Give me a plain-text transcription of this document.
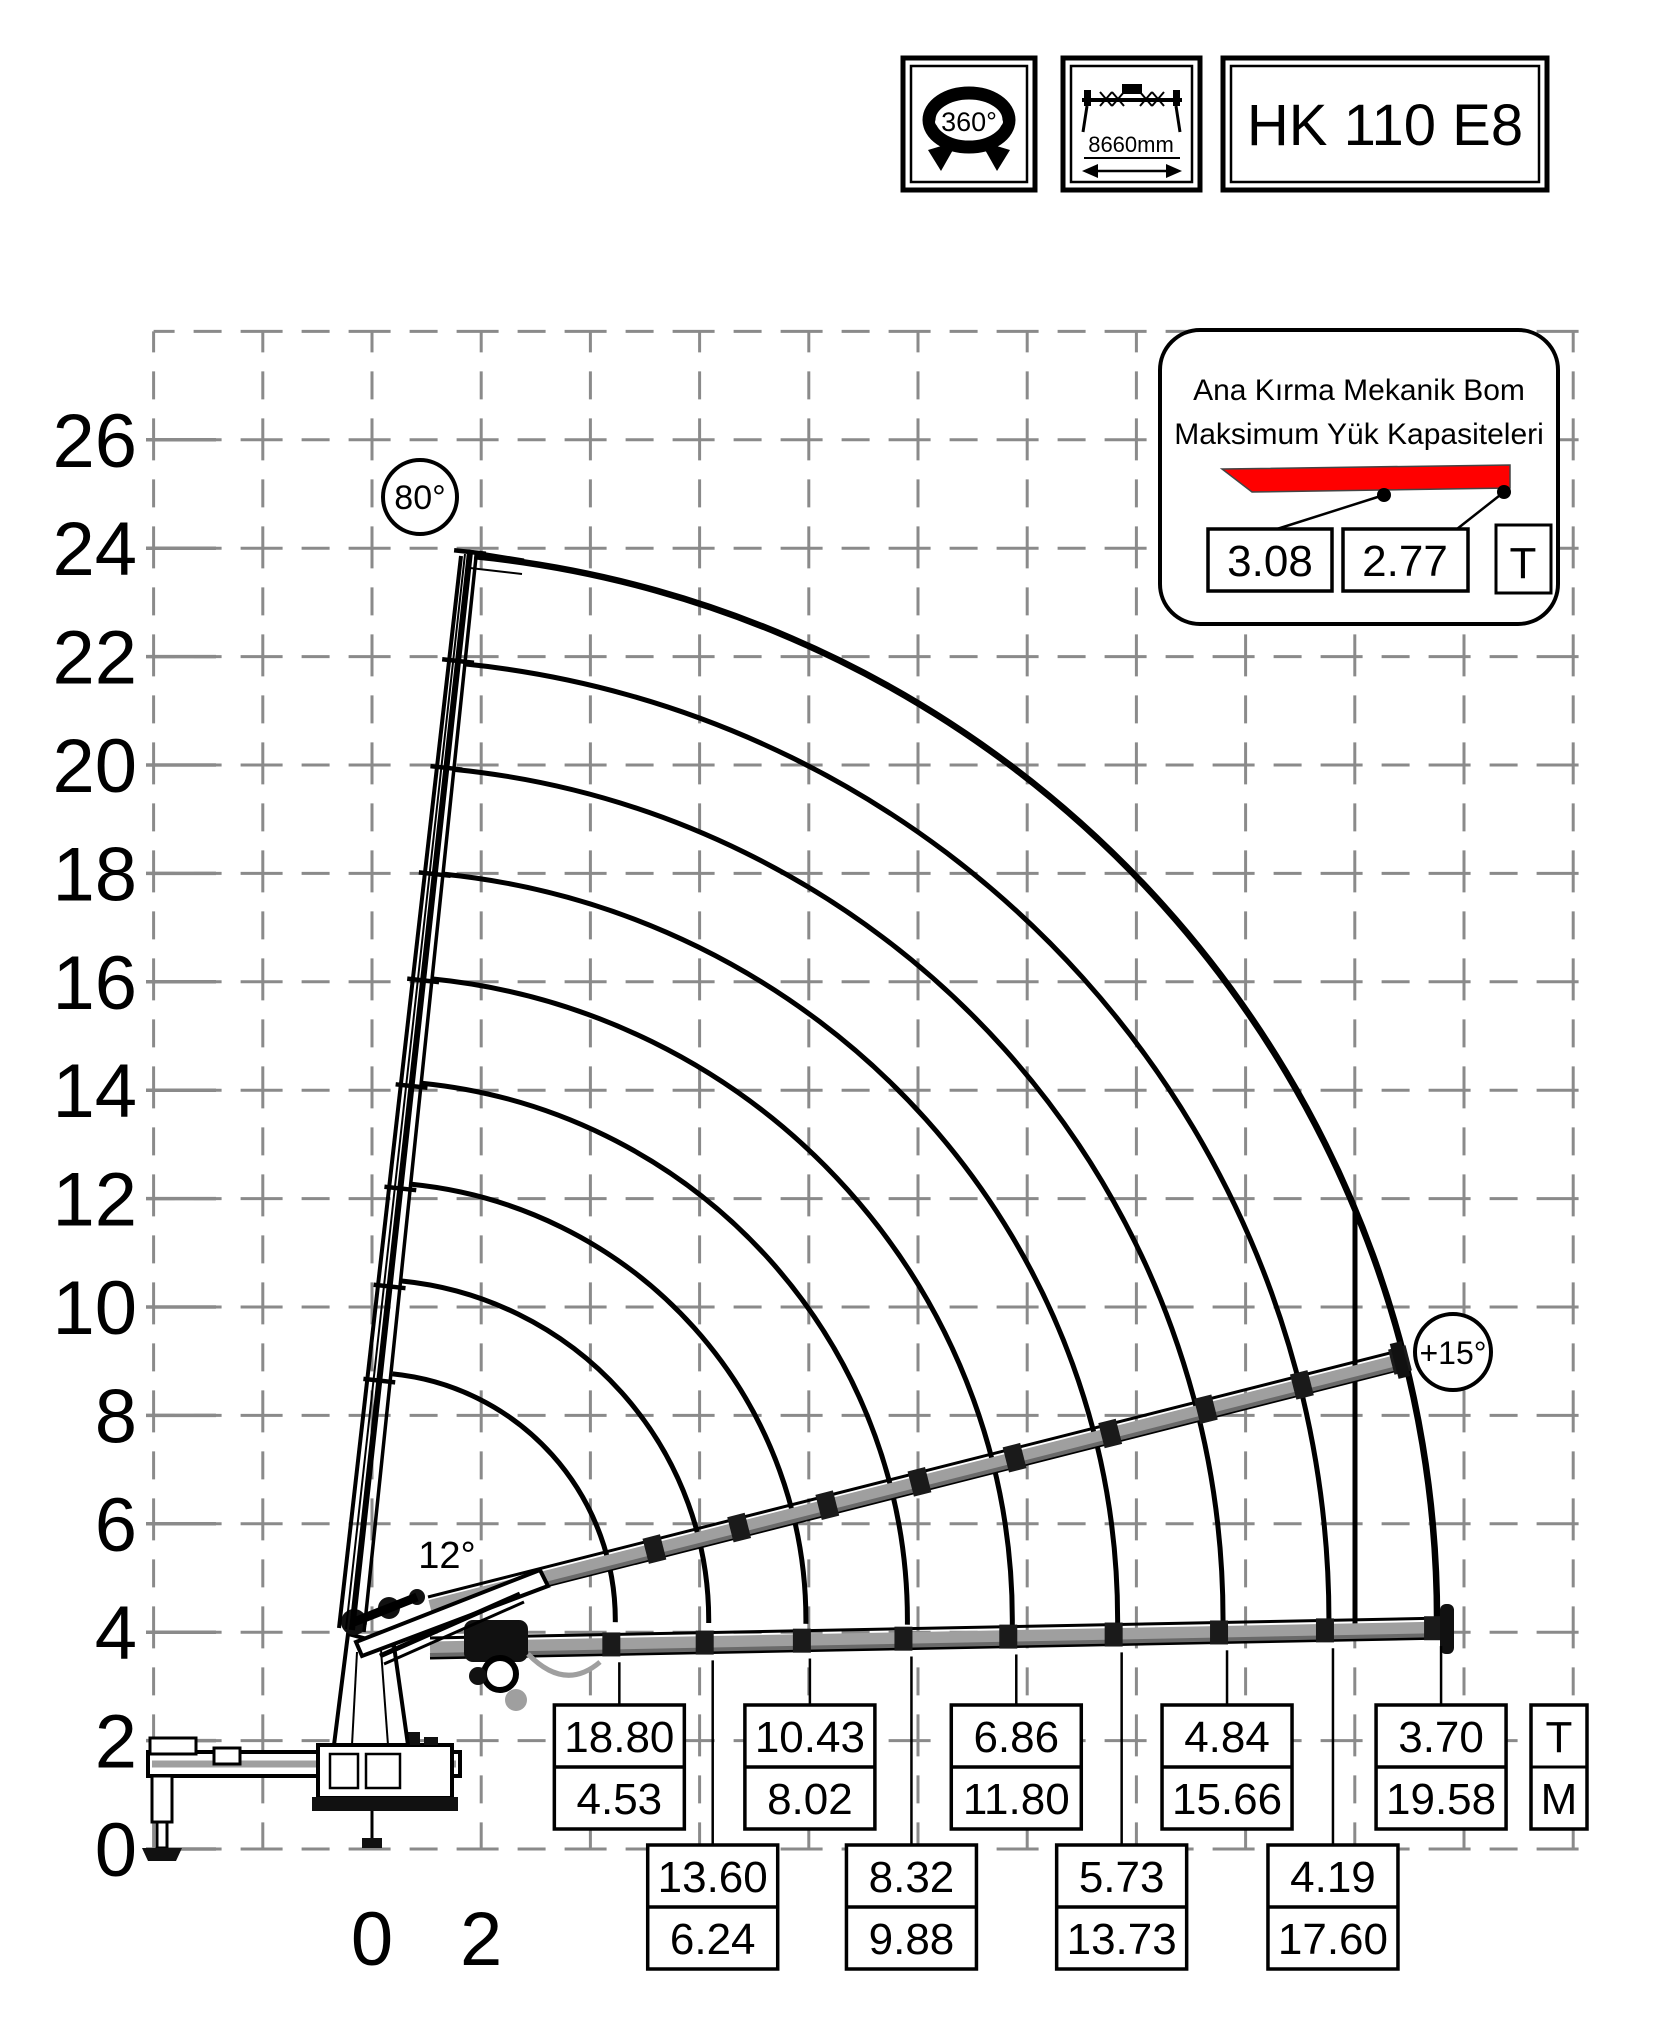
26
24
22
20
18
16
14
12
10
8
6
4
2
0
0 2
18.80
4.53
13.60
6.24
10.43
8.02
8.32
9.88
6.86
11.80
5.73
13.73
4.84
15.66
4.19
17.60
3.70
19.58
T
M
80°
12°
+15°
Ana Kırma Mekanik Bom
Maksimum Yük Kapasiteleri
3.08 2.77 T
360°
8660mm HK 110 E8
